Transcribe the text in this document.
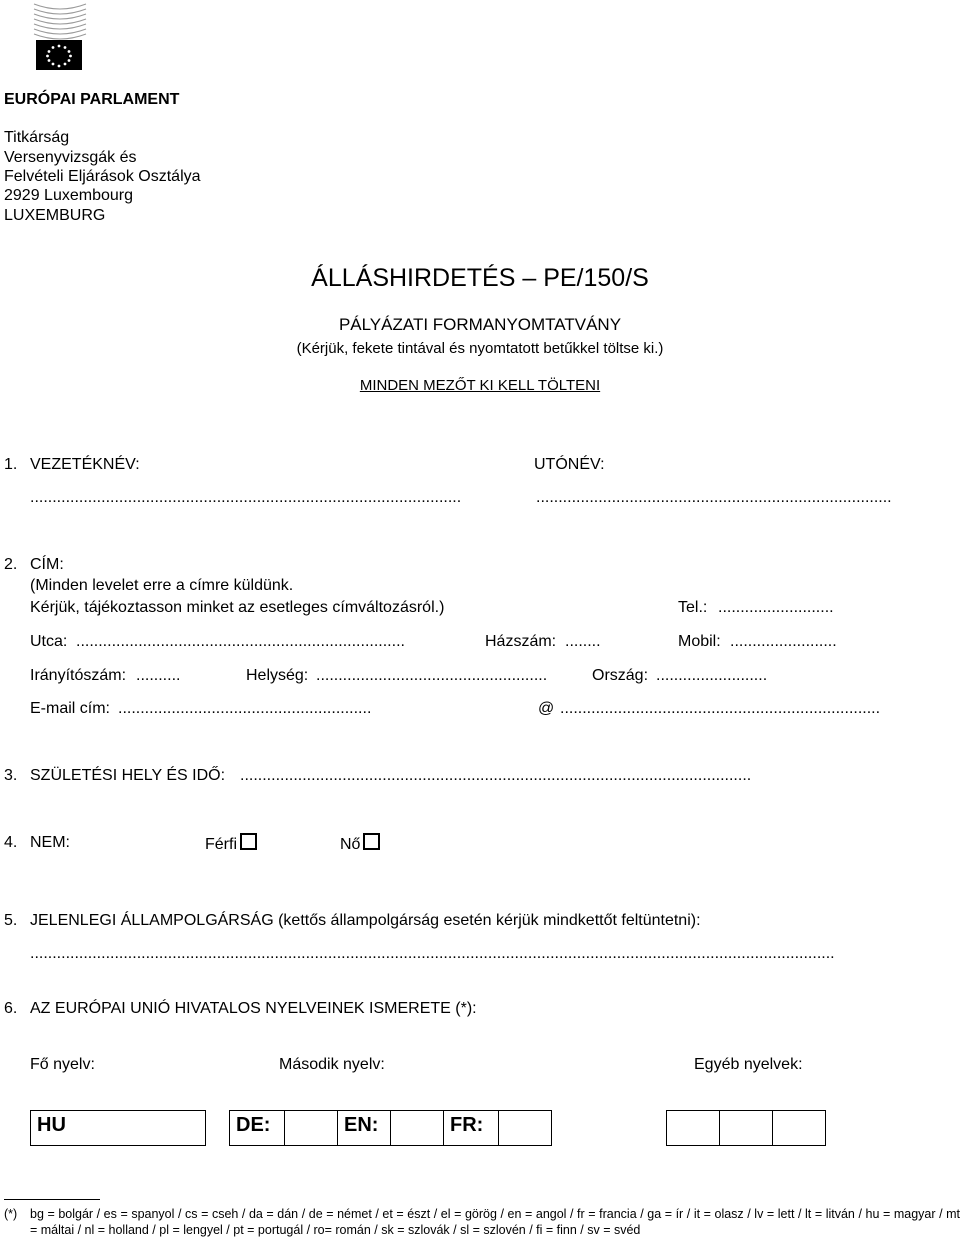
EURÓPAI PARLAMENT
Titkárság
Versenyvizsgák és
Felvételi Eljárások Osztálya
2929 Luxembourg
LUXEMBURG
ÁLLÁSHIRDETÉS – PE/150/S
PÁLYÁZATI FORMANYOMTATVÁNY
(Kérjük, fekete tintával és nyomtatott betűkkel töltse ki.)
MINDEN MEZŐT KI KELL TÖLTENI
1. VEZETÉKNÉV:	UTÓNÉV:
.................................................................................................	................................................................................
2. CÍM:
(Minden levelet erre a címre küldünk.
Kérjük, tájékoztasson minket az esetleges címváltozásról.)	Tel.: ..........................
Utca: ..........................................................................	Házszám: ........	Mobil: ........................
Irányítószám: ..........	Helység: ....................................................	Ország: .........................
E-mail cím: .........................................................	@ ........................................................................
3. SZÜLETÉSI HELY ÉS IDŐ: ...................................................................................................................
4. NEM:	Férfi	Nő
5. JELENLEGI ÁLLAMPOLGÁRSÁG (kettős állampolgárság esetén kérjük mindkettőt feltüntetni):
.....................................................................................................................................................................................
6. AZ EURÓPAI UNIÓ HIVATALOS NYELVEINEK ISMERETE (*):
Fő nyelv:	Második nyelv:	Egyéb nyelvek:
HU	DE:		EN:		FR:	

(*) bg = bolgár / es = spanyol / cs = cseh / da = dán / de = német / et = észt / el = görög / en = angol / fr = francia / ga = ír / it = olasz / lv = lett / lt = litván / hu = magyar / mt = máltai / nl = holland / pl = lengyel / pt = portugál / ro= román / sk = szlovák / sl = szlovén / fi = finn / sv = svéd
